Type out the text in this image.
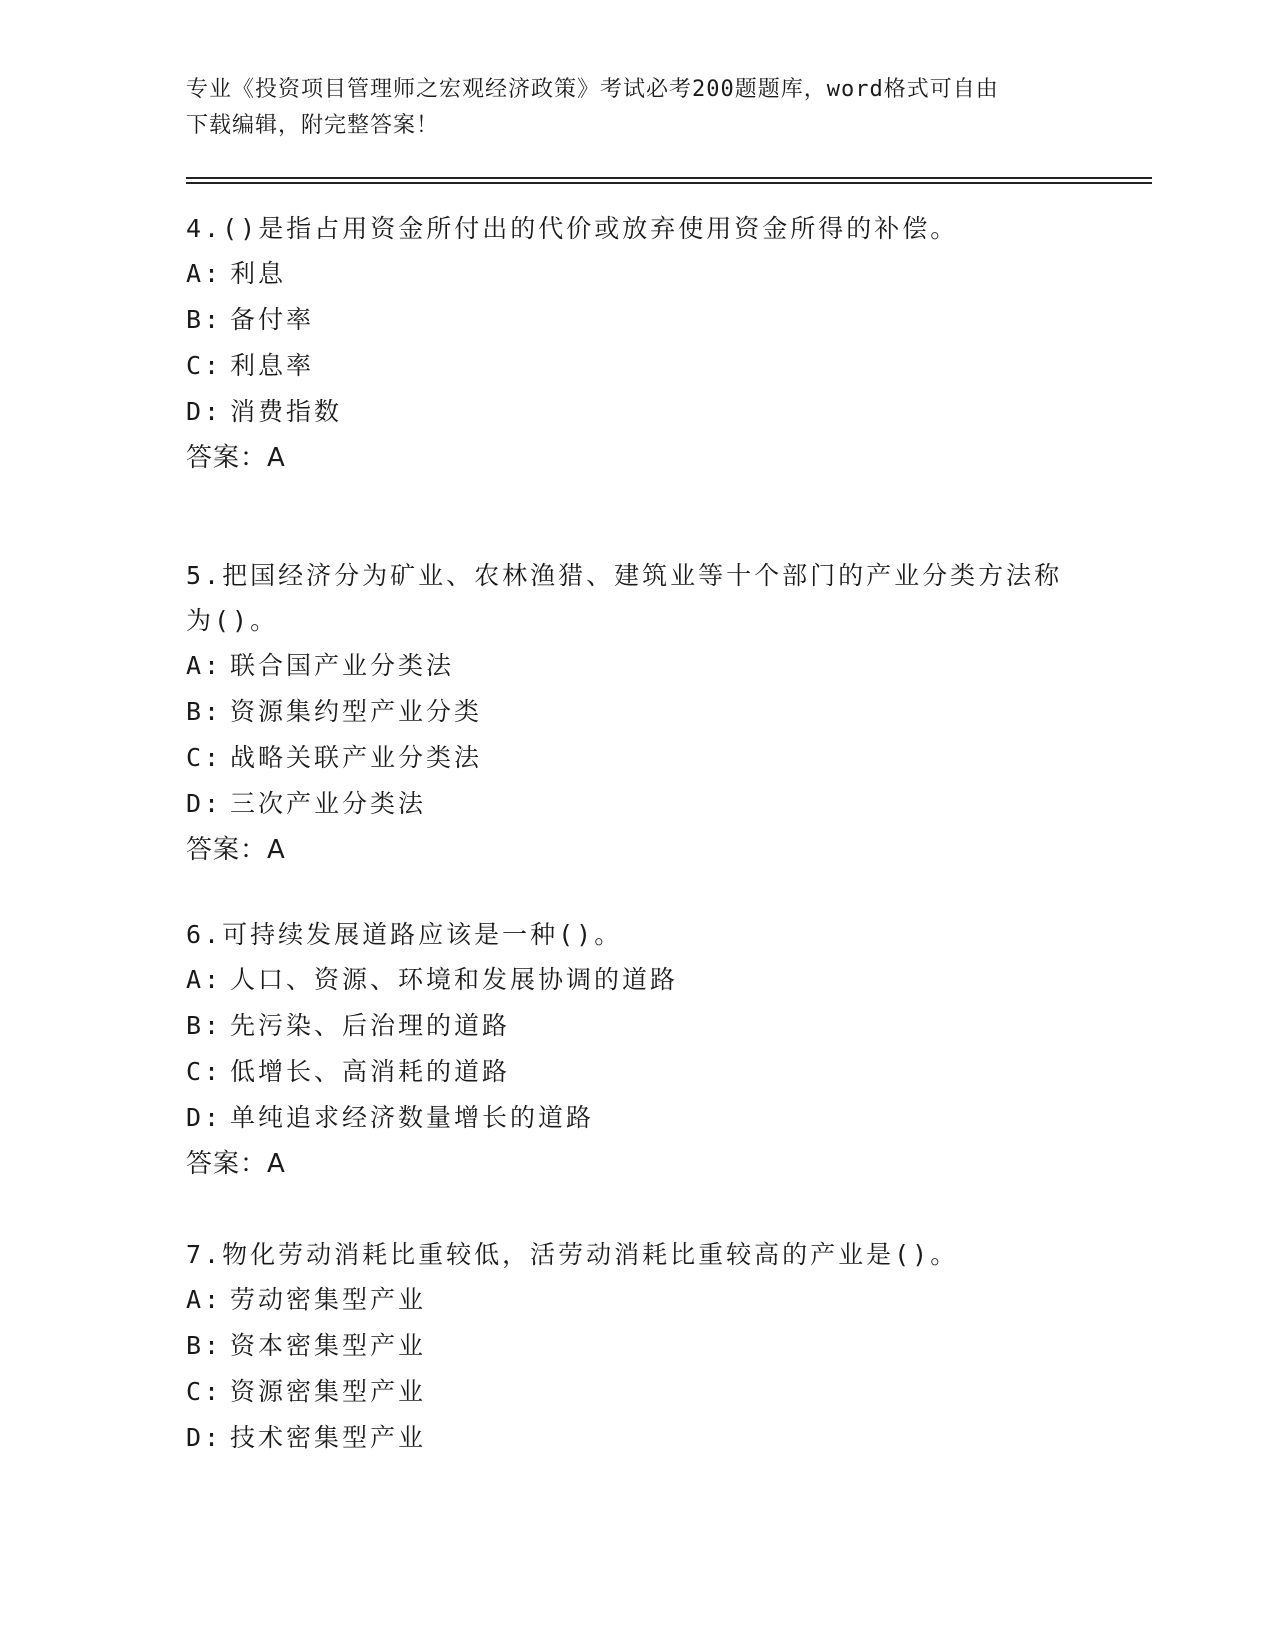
专业《投资项目管理师之宏观经济政策》考试必考200题题库，word格式可自由
下载编辑，附完整答案！
4.()是指占用资金所付出的代价或放弃使用资金所得的补偿。
A: 利息
B: 备付率
C: 利息率
D: 消费指数
答案：A
5.把国经济分为矿业、农林渔猎、建筑业等十个部门的产业分类方法称为()。
A: 联合国产业分类法
B: 资源集约型产业分类
C: 战略关联产业分类法
D: 三次产业分类法
答案：A
6.可持续发展道路应该是一种()。
A: 人口、资源、环境和发展协调的道路
B: 先污染、后治理的道路
C: 低增长、高消耗的道路
D: 单纯追求经济数量增长的道路
答案：A
7.物化劳动消耗比重较低，活劳动消耗比重较高的产业是()。
A: 劳动密集型产业
B: 资本密集型产业
C: 资源密集型产业
D: 技术密集型产业
